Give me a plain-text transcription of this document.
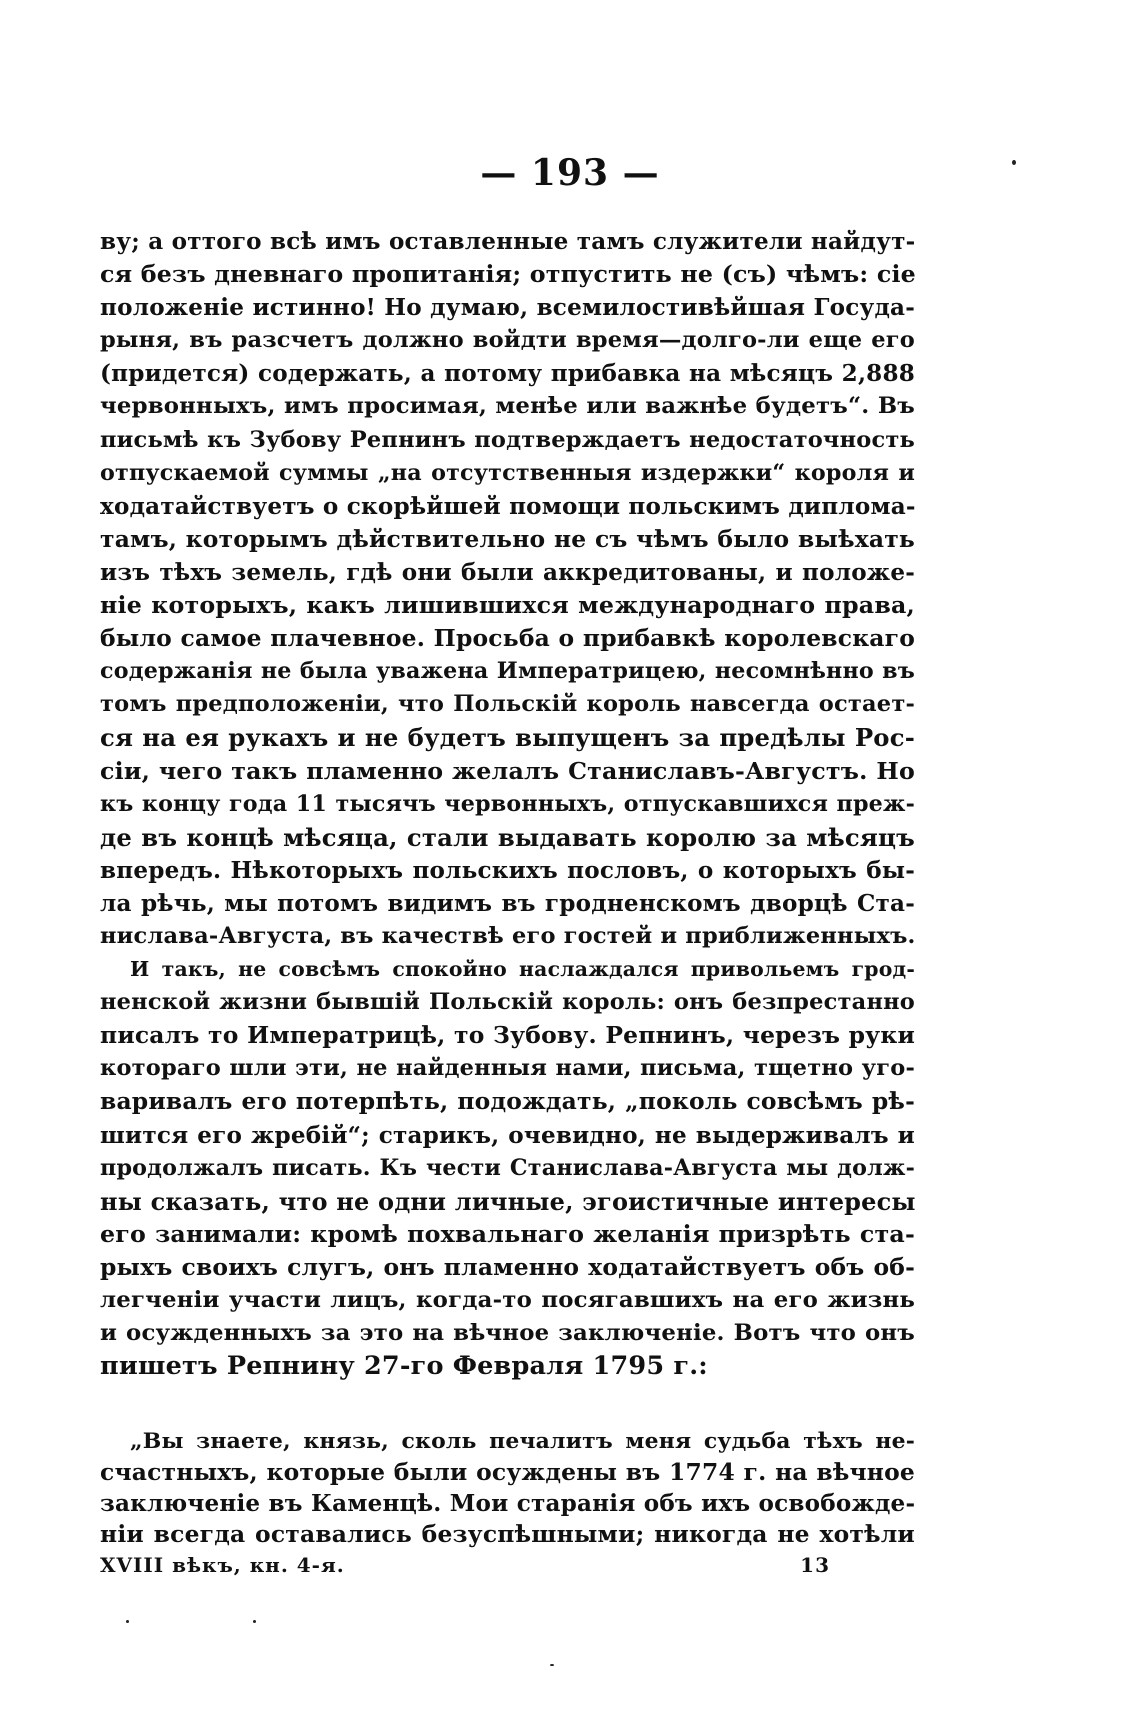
— 193 —
ву; а оттого всѣ имъ оставленные тамъ служители найдут-
ся безъ дневнаго пропитанія; отпустить не (съ) чѣмъ: сіе
положеніе истинно! Но думаю, всемилостивѣйшая Госуда-
рыня, въ разсчетъ должно войдти время—долго-ли еще его
(придется) содержать, а потому прибавка на мѣсяцъ 2,888
червонныхъ, имъ просимая, менѣе или важнѣе будетъ“. Въ
письмѣ къ Зубову Репнинъ подтверждаетъ недостаточность
отпускаемой суммы „на отсутственныя издержки“ короля и
ходатайствуетъ о скорѣйшей помощи польскимъ диплома-
тамъ, которымъ дѣйствительно не съ чѣмъ было выѣхать
изъ тѣхъ земель, гдѣ они были аккредитованы, и положе-
ніе которыхъ, какъ лишившихся международнаго права,
было самое плачевное. Просьба о прибавкѣ королевскаго
содержанія не была уважена Императрицею, несомнѣнно въ
томъ предположеніи, что Польскій король навсегда остает-
ся на ея рукахъ и не будетъ выпущенъ за предѣлы Рос-
сіи, чего такъ пламенно желалъ Станиславъ-Августъ. Но
къ концу года 11 тысячъ червонныхъ, отпускавшихся преж-
де въ концѣ мѣсяца, стали выдавать королю за мѣсяцъ
впередъ. Нѣкоторыхъ польскихъ пословъ, о которыхъ бы-
ла рѣчь, мы потомъ видимъ въ гродненскомъ дворцѣ Ста-
нислава-Августа, въ качествѣ его гостей и приближенныхъ.
И такъ, не совсѣмъ спокойно наслаждался привольемъ грод-
ненской жизни бывшій Польскій король: онъ безпрестанно
писалъ то Императрицѣ, то Зубову. Репнинъ, черезъ руки
котораго шли эти, не найденныя нами, письма, тщетно уго-
варивалъ его потерпѣть, подождать, „поколь совсѣмъ рѣ-
шится его жребій“; старикъ, очевидно, не выдерживалъ и
продолжалъ писать. Къ чести Станислава-Августа мы долж-
ны сказать, что не одни личные, эгоистичные интересы
его занимали: кромѣ похвальнаго желанія призрѣть ста-
рыхъ своихъ слугъ, онъ пламенно ходатайствуетъ объ об-
легченіи участи лицъ, когда-то посягавшихъ на его жизнь
и осужденныхъ за это на вѣчное заключеніе. Вотъ что онъ
пишетъ Репнину 27-го Февраля 1795 г.:
„Вы знаете, князь, сколь печалитъ меня судьба тѣхъ не-
счастныхъ, которые были осуждены въ 1774 г. на вѣчное
заключеніе въ Каменцѣ. Мои старанія объ ихъ освобожде-
ніи всегда оставались безуспѣшными; никогда не хотѣли
XVIII вѣкъ, кн. 4-я.	13
